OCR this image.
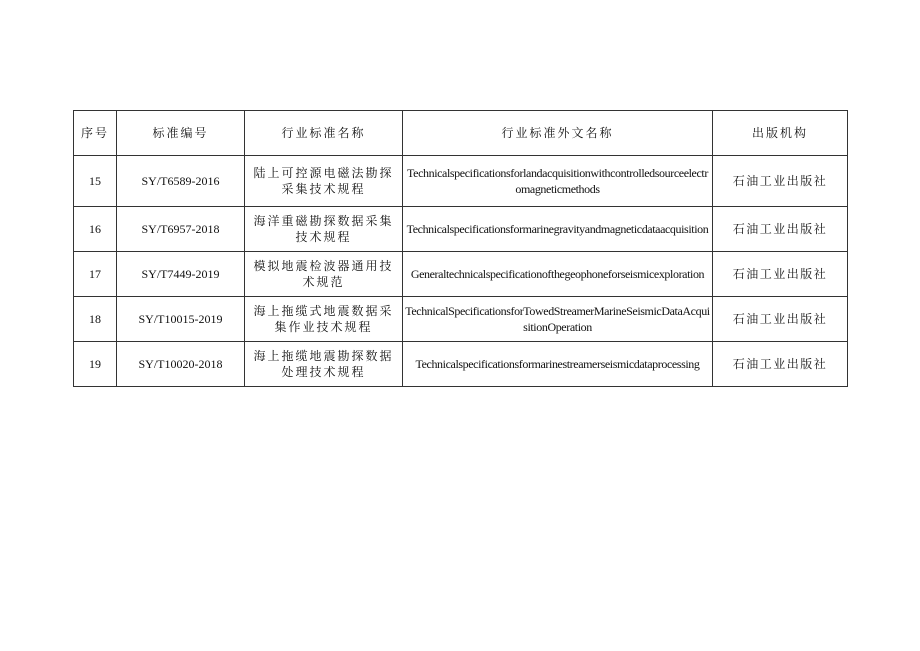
序号	标准编号	行业标准名称	行业标准外文名称	出版机构
15	SY/T6589-2016	陆上可控源电磁法勘探采集技术规程	Technicalspecificationsforlandacquisitionwithcontrolledsourceelectromagneticmethods	石油工业出版社
16	SY/T6957-2018	海洋重磁勘探数据采集技术规程	Technicalspecificationsformarinegravityandmagneticdataacquisition	石油工业出版社
17	SY/T7449-2019	模拟地震检波器通用技术规范	Generaltechnicalspecificationofthegeophoneforseismicexploration	石油工业出版社
18	SY/T10015-2019	海上拖缆式地震数据采集作业技术规程	TechnicalSpecificationsforTowedStreamerMarineSeismicDataAcquisitionOperation	石油工业出版社
19	SY/T10020-2018	海上拖缆地震勘探数据处理技术规程	Technicalspecificationsformarinestreamerseismicdataprocessing	石油工业出版社
